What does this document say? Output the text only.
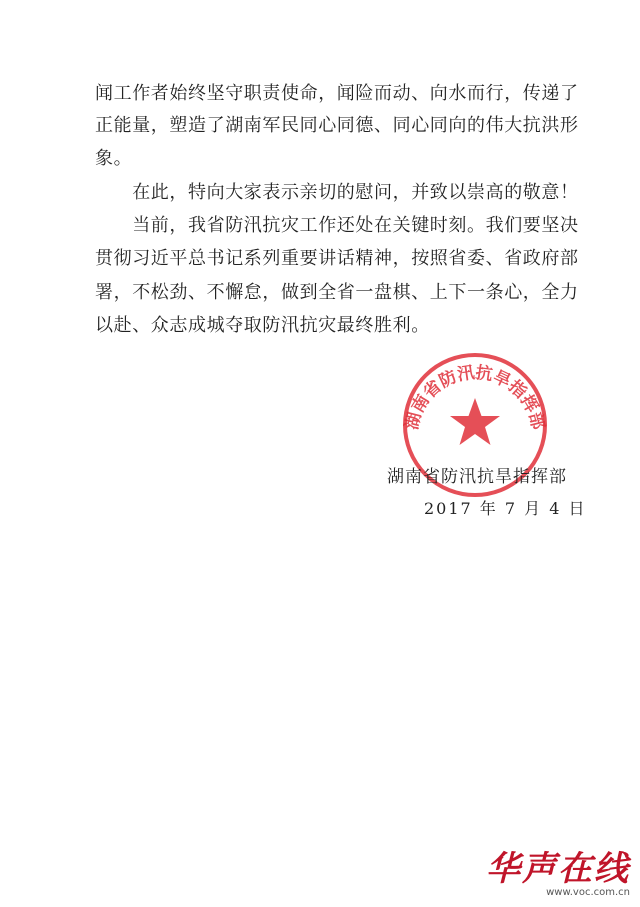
闻工作者始终坚守职责使命，闻险而动、向水而行，传递了
正能量，塑造了湖南军民同心同德、同心同向的伟大抗洪形
象。
　　在此，特向大家表示亲切的慰问，并致以崇高的敬意！
　　当前，我省防汛抗灾工作还处在关键时刻。我们要坚决
贯彻习近平总书记系列重要讲话精神，按照省委、省政府部
署，不松劲、不懈怠，做到全省一盘棋、上下一条心，全力
以赴、众志成城夺取防汛抗灾最终胜利。
湖南省防汛抗旱指挥部
湖南省防汛抗旱指挥部
2017 年 7 月 4 日
华声在线
www.voc.com.cn
